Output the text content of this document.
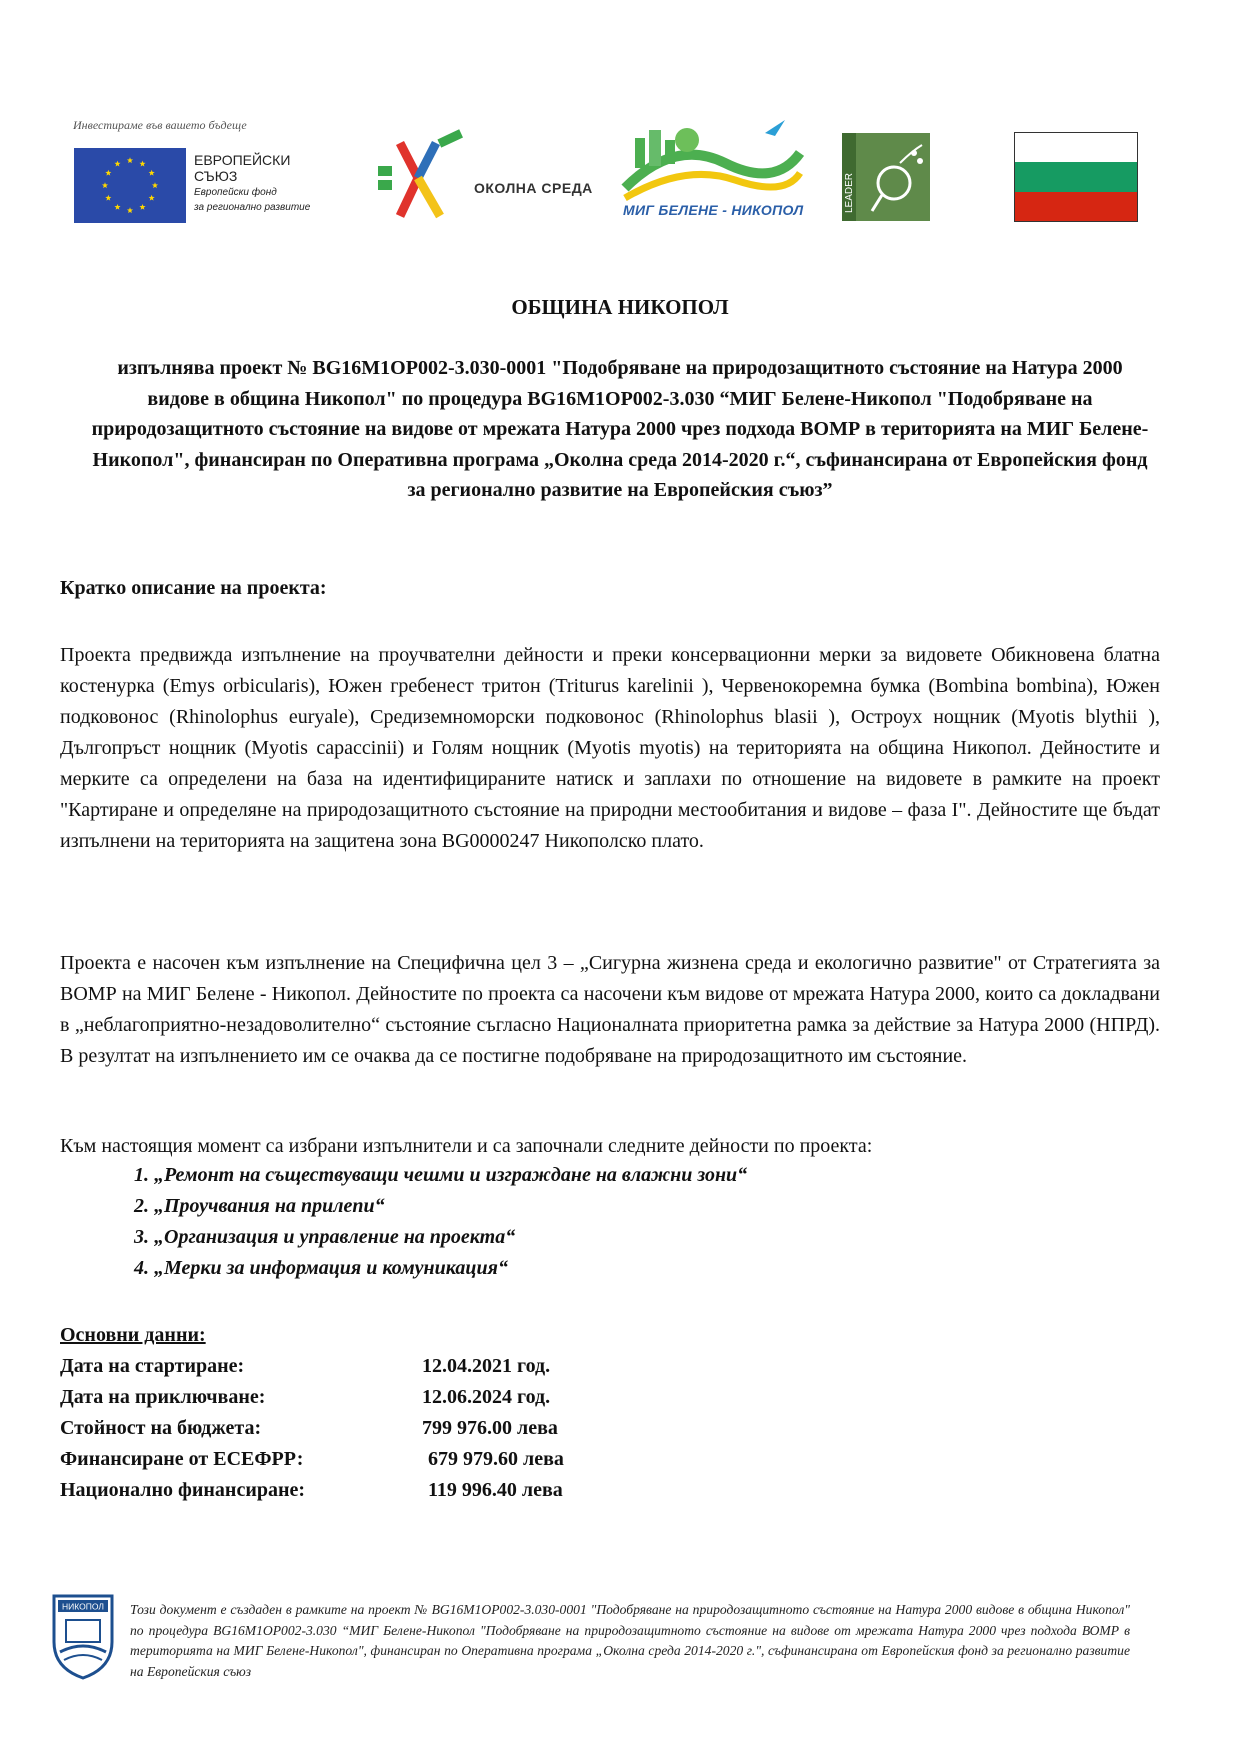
Инвестираме във вашето бъдеще
ЕВРОПЕЙСКИ
СЪЮЗ
Европейски фонд
за регионално развитие
ОКОЛНА СРЕДА
МИГ БЕЛЕНЕ - НИКОПОЛ	LEADER
ОБЩИНА НИКОПОЛ
изпълнява проект № BG16M1OP002-3.030-0001 "Подобряване на природозащитното състояние на Натура 2000 видове в община Никопол" по процедура BG16M1OP002-3.030 “МИГ Белене-Никопол "Подобряване на природозащитното състояние на видове от мрежата Натура 2000 чрез подхода ВОМР в територията на МИГ Белене-Никопол", финансиран по Оперативна програма „Околна среда 2014-2020 г.“, съфинансирана от Европейския фонд за регионално развитие на Европейския съюз”
Кратко описание на проекта:

Проекта предвижда изпълнение на проучвателни дейности и преки консервационни мерки за видовете Обикновена блатна костенурка (Emys orbicularis), Южен гребенест тритон (Triturus karelinii ), Червенокоремна бумка (Bombina bombina), Южен подковонос (Rhinolophus euryale), Средиземноморски подковонос (Rhinolophus blasii ), Остроух нощник (Myotis blythii ), Дългопръст нощник (Myotis capaccinii) и Голям нощник (Myotis myotis) на територията на община Никопол. Дейностите и мерките са определени на база на идентифицираните натиск и заплахи по отношение на видовете в рамките на проект "Картиране и определяне на природозащитното състояние на природни местообитания и видове – фаза I". Дейностите ще бъдат изпълнени на територията на защитена зона BG0000247 Никополско плато.

Проекта е насочен към изпълнение на Специфична цел 3 – „Сигурна жизнена среда и екологично развитие" от Стратегията за ВОМР на МИГ Белене - Никопол. Дейностите по проекта са насочени към видове от мрежата Натура 2000, които са докладвани в „неблагоприятно-незадоволително“ състояние съгласно Националната приоритетна рамка за действие за Натура 2000 (НПРД). В резултат на изпълнението им се очаква да се постигне подобряване на природозащитното им състояние.

Към настоящия момент са избрани изпълнители и са започнали следните дейности по проекта:

1. „Ремонт на съществуващи чешми и изграждане на влажни зони“
2. „Проучвания на прилепи“
3. „Организация и управление на проекта“
4. „Мерки за информация и комуникация“
Основни данни:
Дата на стартиране:	12.04.2021 год.
Дата на приключване:	12.06.2024 год.
Стойност на бюджета:	799 976.00 лева
Финансиране от ЕСЕФРР:	679 979.60 лева
Национално финансиране:	119 996.40 лева
НИКОПОЛ Този документ е създаден в рамките на проект № BG16M1OP002-3.030-0001 "Подобряване на природозащитното състояние на Натура 2000 видове в община Никопол" по процедура BG16M1OP002-3.030 “МИГ Белене-Никопол "Подобряване на природозащитното състояние на видове от мрежата Натура 2000 чрез подхода ВОМР в територията на МИГ Белене-Никопол", финансиран по Оперативна програма „Околна среда 2014-2020 г.", съфинансирана от Европейския фонд за регионално развитие на Европейския съюз
